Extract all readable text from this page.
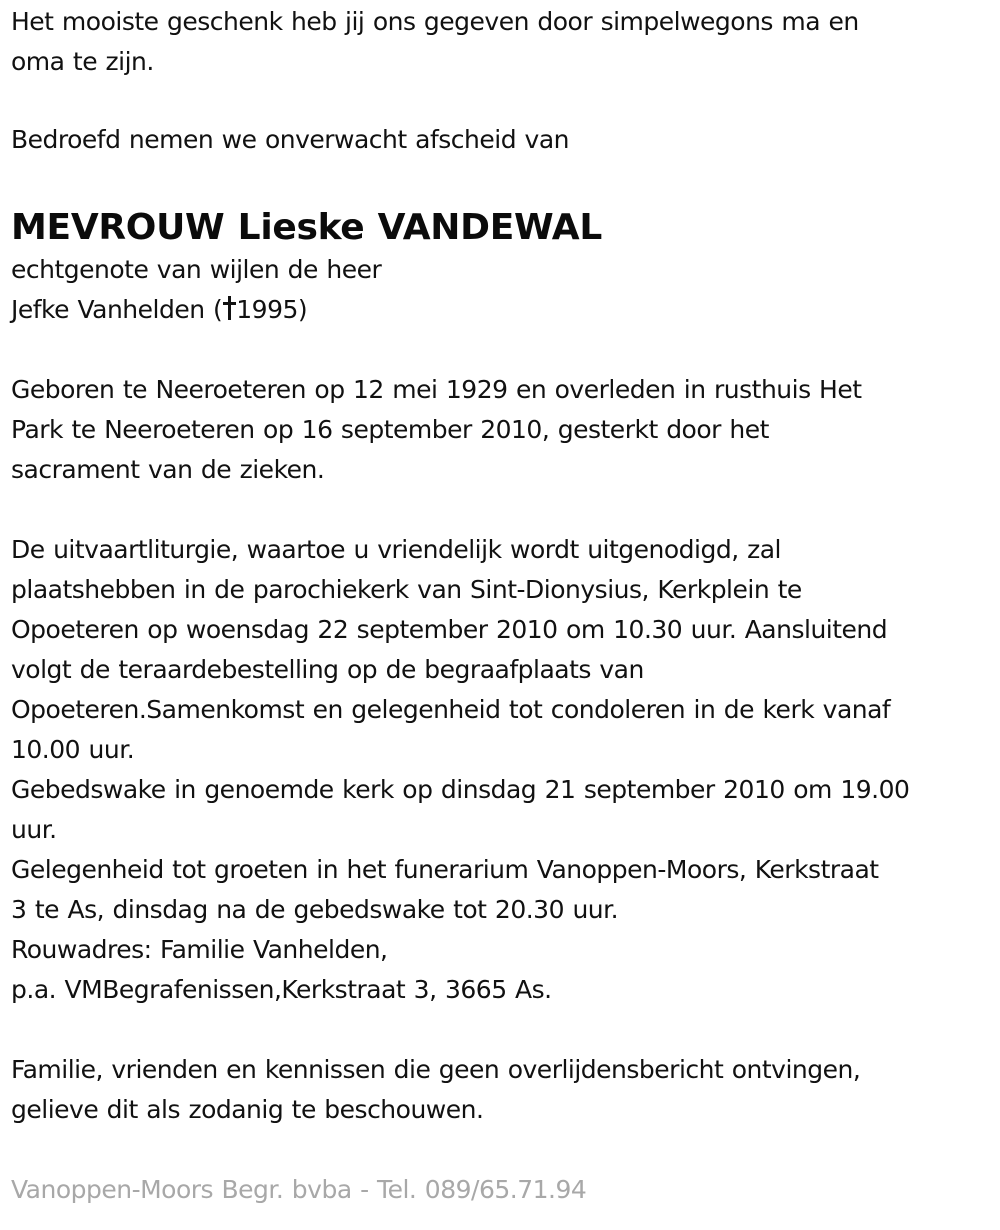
Het mooiste geschenk heb jij ons gegeven door simpelwegons ma en
oma te zijn.

Bedroefd nemen we onverwacht afscheid van

MEVROUW Lieske VANDEWAL
echtgenote van wijlen de heer
Jefke Vanhelden ( 1995)

Geboren te Neeroeteren op 12 mei 1929 en overleden in rusthuis Het
Park te Neeroeteren op 16 september 2010, gesterkt door het
sacrament van de zieken.

De uitvaartliturgie, waartoe u vriendelijk wordt uitgenodigd, zal
plaatshebben in de parochiekerk van Sint-Dionysius, Kerkplein te
Opoeteren op woensdag 22 september 2010 om 10.30 uur. Aansluitend
volgt de teraardebestelling op de begraafplaats van
Opoeteren.Samenkomst en gelegenheid tot condoleren in de kerk vanaf
10.00 uur.
Gebedswake in genoemde kerk op dinsdag 21 september 2010 om 19.00
uur.
Gelegenheid tot groeten in het funerarium Vanoppen-Moors, Kerkstraat
3 te As, dinsdag na de gebedswake tot 20.30 uur.
Rouwadres: Familie Vanhelden,
p.a. VMBegrafenissen,Kerkstraat 3, 3665 As.

Familie, vrienden en kennissen die geen overlijdensbericht ontvingen,
gelieve dit als zodanig te beschouwen.

Vanoppen-Moors Begr. bvba - Tel. 089/65.71.94
